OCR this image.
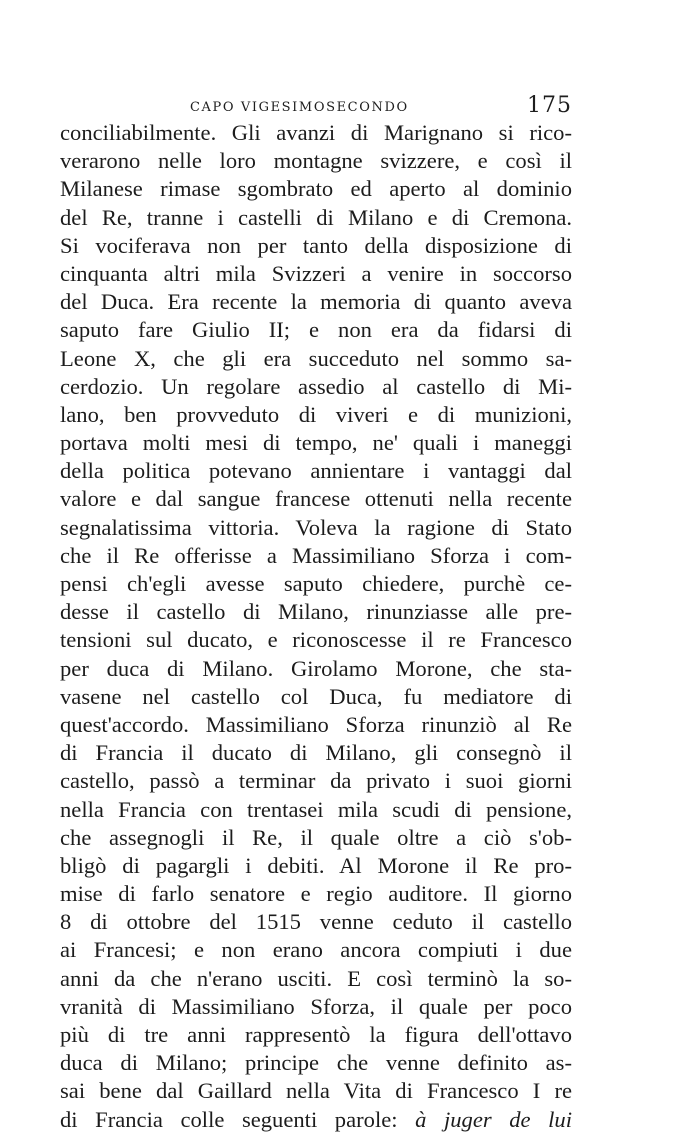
CAPO VIGESIMOSECONDO	175
conciliabilmente. Gli avanzi di Marignano si rico-
verarono nelle loro montagne svizzere, e così il
Milanese rimase sgombrato ed aperto al dominio
del Re, tranne i castelli di Milano e di Cremona.
Si vociferava non per tanto della disposizione di
cinquanta altri mila Svizzeri a venire in soccorso
del Duca. Era recente la memoria di quanto aveva
saputo fare Giulio II; e non era da fidarsi di
Leone X, che gli era succeduto nel sommo sa-
cerdozio. Un regolare assedio al castello di Mi-
lano, ben provveduto di viveri e di munizioni,
portava molti mesi di tempo, ne' quali i maneggi
della politica potevano annientare i vantaggi dal
valore e dal sangue francese ottenuti nella recente
segnalatissima vittoria. Voleva la ragione di Stato
che il Re offerisse a Massimiliano Sforza i com-
pensi ch'egli avesse saputo chiedere, purchè ce-
desse il castello di Milano, rinunziasse alle pre-
tensioni sul ducato, e riconoscesse il re Francesco
per duca di Milano. Girolamo Morone, che sta-
vasene nel castello col Duca, fu mediatore di
quest'accordo. Massimiliano Sforza rinunziò al Re
di Francia il ducato di Milano, gli consegnò il
castello, passò a terminar da privato i suoi giorni
nella Francia con trentasei mila scudi di pensione,
che assegnogli il Re, il quale oltre a ciò s'ob-
bligò di pagargli i debiti. Al Morone il Re pro-
mise di farlo senatore e regio auditore. Il giorno
8 di ottobre del 1515 venne ceduto il castello
ai Francesi; e non erano ancora compiuti i due
anni da che n'erano usciti. E così terminò la so-
vranità di Massimiliano Sforza, il quale per poco
più di tre anni rappresentò la figura dell'ottavo
duca di Milano; principe che venne definito as-
sai bene dal Gaillard nella Vita di Francesco I re
di Francia colle seguenti parole: à juger de lui
